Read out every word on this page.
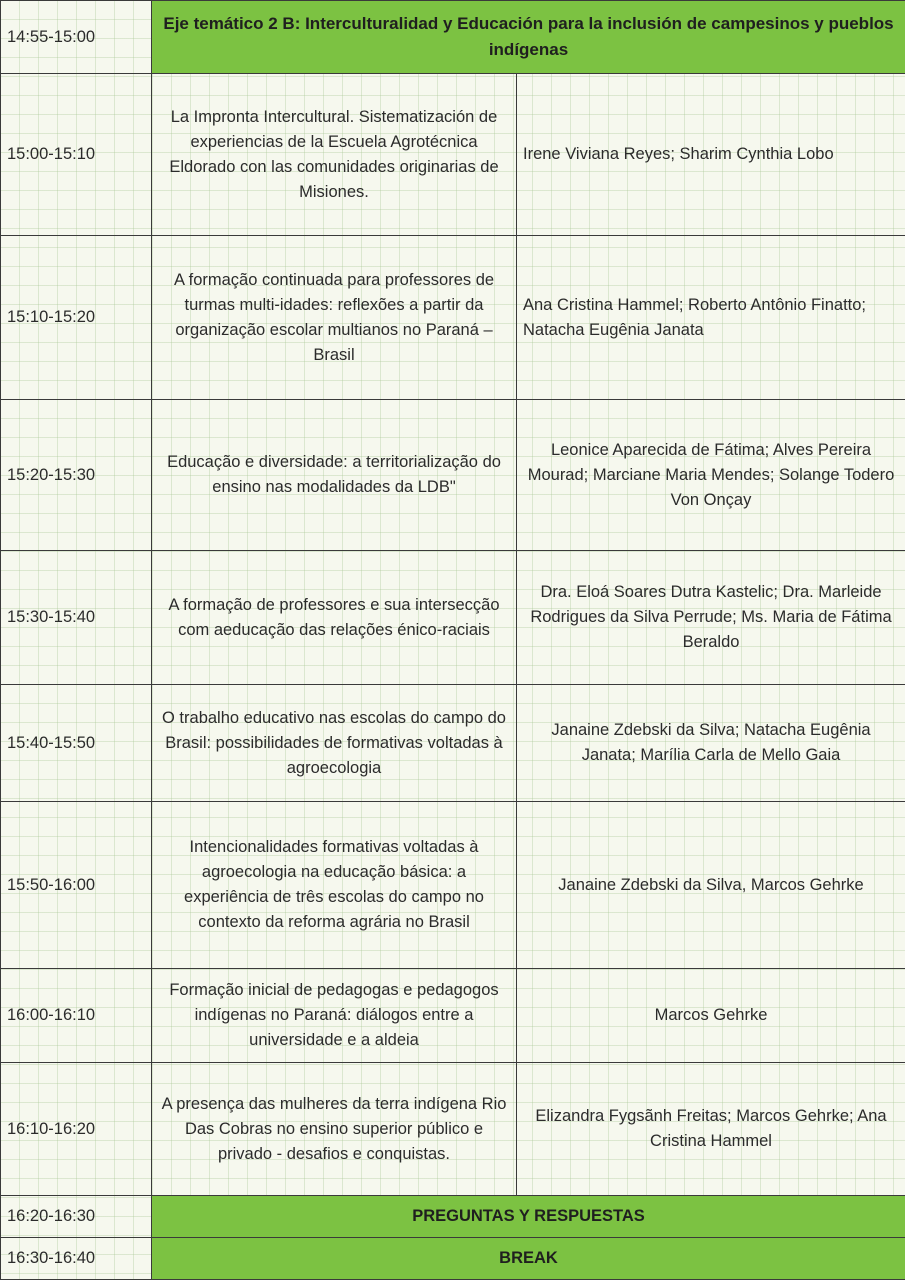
14:55-15:00	Eje temático 2 B: Interculturalidad y Educación para la inclusión de campesinos y pueblos indígenas	
15:00-15:10	La Impronta Intercultural. Sistematización de experiencias de la Escuela Agrotécnica Eldorado con las comunidades originarias de Misiones.	Irene Viviana Reyes; Sharim Cynthia Lobo
15:10-15:20	A formação continuada para professores de turmas multi-idades: reflexões a partir da organização escolar multianos no Paraná – Brasil	Ana Cristina Hammel; Roberto Antônio Finatto; Natacha Eugênia Janata
15:20-15:30	Educação e diversidade: a territorialização do ensino nas modalidades da LDB"	Leonice Aparecida de Fátima; Alves Pereira Mourad; Marciane Maria Mendes; Solange Todero Von Onçay
15:30-15:40	A formação de professores e sua intersecção com aeducação das relações énico-raciais	Dra. Eloá Soares Dutra Kastelic; Dra. Marleide Rodrigues da Silva Perrude; Ms. Maria de Fátima Beraldo
15:40-15:50	O trabalho educativo nas escolas do campo do Brasil: possibilidades de formativas voltadas à agroecologia	Janaine Zdebski da Silva; Natacha Eugênia Janata; Marília Carla de Mello Gaia
15:50-16:00	Intencionalidades formativas voltadas à agroecologia na educação básica: a experiência de três escolas do campo no contexto da reforma agrária no Brasil	Janaine Zdebski da Silva, Marcos Gehrke
16:00-16:10	Formação inicial de pedagogas e pedagogos indígenas no Paraná: diálogos entre a universidade e a aldeia	Marcos Gehrke
16:10-16:20	A presença das mulheres da terra indígena Rio Das Cobras no ensino superior público e privado - desafios e conquistas.	Elizandra Fygsãnh Freitas; Marcos Gehrke; Ana Cristina Hammel
16:20-16:30	PREGUNTAS Y RESPUESTAS	
16:30-16:40	BREAK	
